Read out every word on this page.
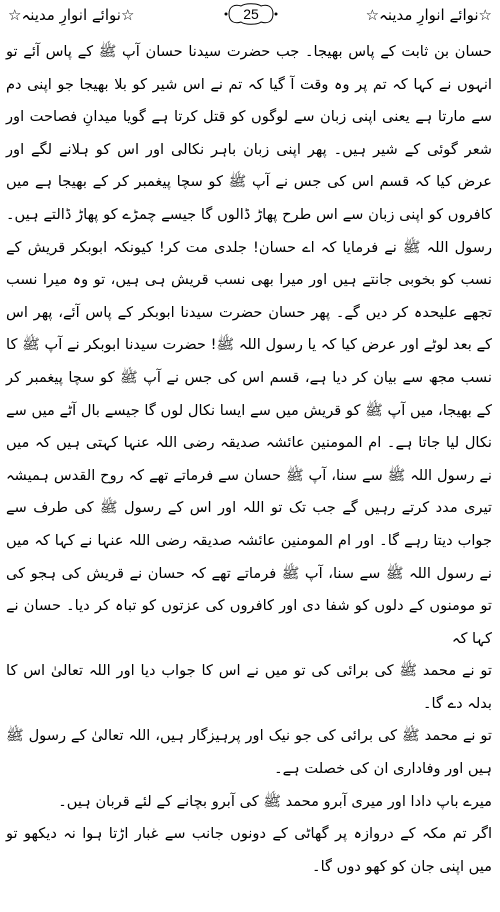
☆نوائے انوارِ مدینہ☆	25	☆نوائے انوارِ مدینہ☆

حسان بن ثابت کے پاس بھیجا۔ جب حضرت سیدنا حسان آپ ﷺ کے پاس آئے تو انہوں نے کہا کہ تم پر وہ وقت آ گیا کہ تم نے اس شیر کو بلا بھیجا جو اپنی دم سے مارتا ہے یعنی اپنی زبان سے لوگوں کو قتل کرتا ہے گویا میدانِ فصاحت اور شعر گوئی کے شیر ہیں۔ پھر اپنی زبان باہر نکالی اور اس کو ہلانے لگے اور عرض کیا کہ قسم اس کی جس نے آپ ﷺ کو سچا پیغمبر کر کے بھیجا ہے میں کافروں کو اپنی زبان سے اس طرح پھاڑ ڈالوں گا جیسے چمڑے کو پھاڑ ڈالتے ہیں۔ رسول اللہ ﷺ نے فرمایا کہ اے حسان! جلدی مت کر! کیونکہ ابوبکر قریش کے نسب کو بخوبی جانتے ہیں اور میرا بھی نسب قریش ہی ہیں، تو وہ میرا نسب تجھے علیحدہ کر دیں گے۔ پھر حسان حضرت سیدنا ابوبکر کے پاس آئے، پھر اس کے بعد لوٹے اور عرض کیا کہ یا رسول اللہ ﷺ! حضرت سیدنا ابوبکر نے آپ ﷺ کا نسب مجھ سے بیان کر دیا ہے، قسم اس کی جس نے آپ ﷺ کو سچا پیغمبر کر کے بھیجا، میں آپ ﷺ کو قریش میں سے ایسا نکال لوں گا جیسے بال آٹے میں سے نکال لیا جاتا ہے۔ ام المومنین عائشہ صدیقہ رضی اللہ عنہا کہتی ہیں کہ میں نے رسول اللہ ﷺ سے سنا، آپ ﷺ حسان سے فرماتے تھے کہ روح القدس ہمیشہ تیری مدد کرتے رہیں گے جب تک تو اللہ اور اس کے رسول ﷺ کی طرف سے جواب دیتا رہے گا۔ اور ام المومنین عائشہ صدیقہ رضی اللہ عنہا نے کہا کہ میں نے رسول اللہ ﷺ سے سنا، آپ ﷺ فرماتے تھے کہ حسان نے قریش کی ہجو کی تو مومنوں کے دلوں کو شفا دی اور کافروں کی عزتوں کو تباہ کر دیا۔ حسان نے کہا کہ

تو نے محمد ﷺ کی برائی کی تو میں نے اس کا جواب دیا اور اللہ تعالیٰ اس کا بدلہ دے گا۔

تو نے محمد ﷺ کی برائی کی جو نیک اور پرہیزگار ہیں، اللہ تعالیٰ کے رسول ﷺ ہیں اور وفاداری ان کی خصلت ہے۔

میرے باپ دادا اور میری آبرو محمد ﷺ کی آبرو بچانے کے لئے قربان ہیں۔

اگر تم مکہ کے دروازہ پر گھاٹی کے دونوں جانب سے غبار اڑتا ہوا نہ دیکھو تو میں اپنی جان کو کھو دوں گا۔
